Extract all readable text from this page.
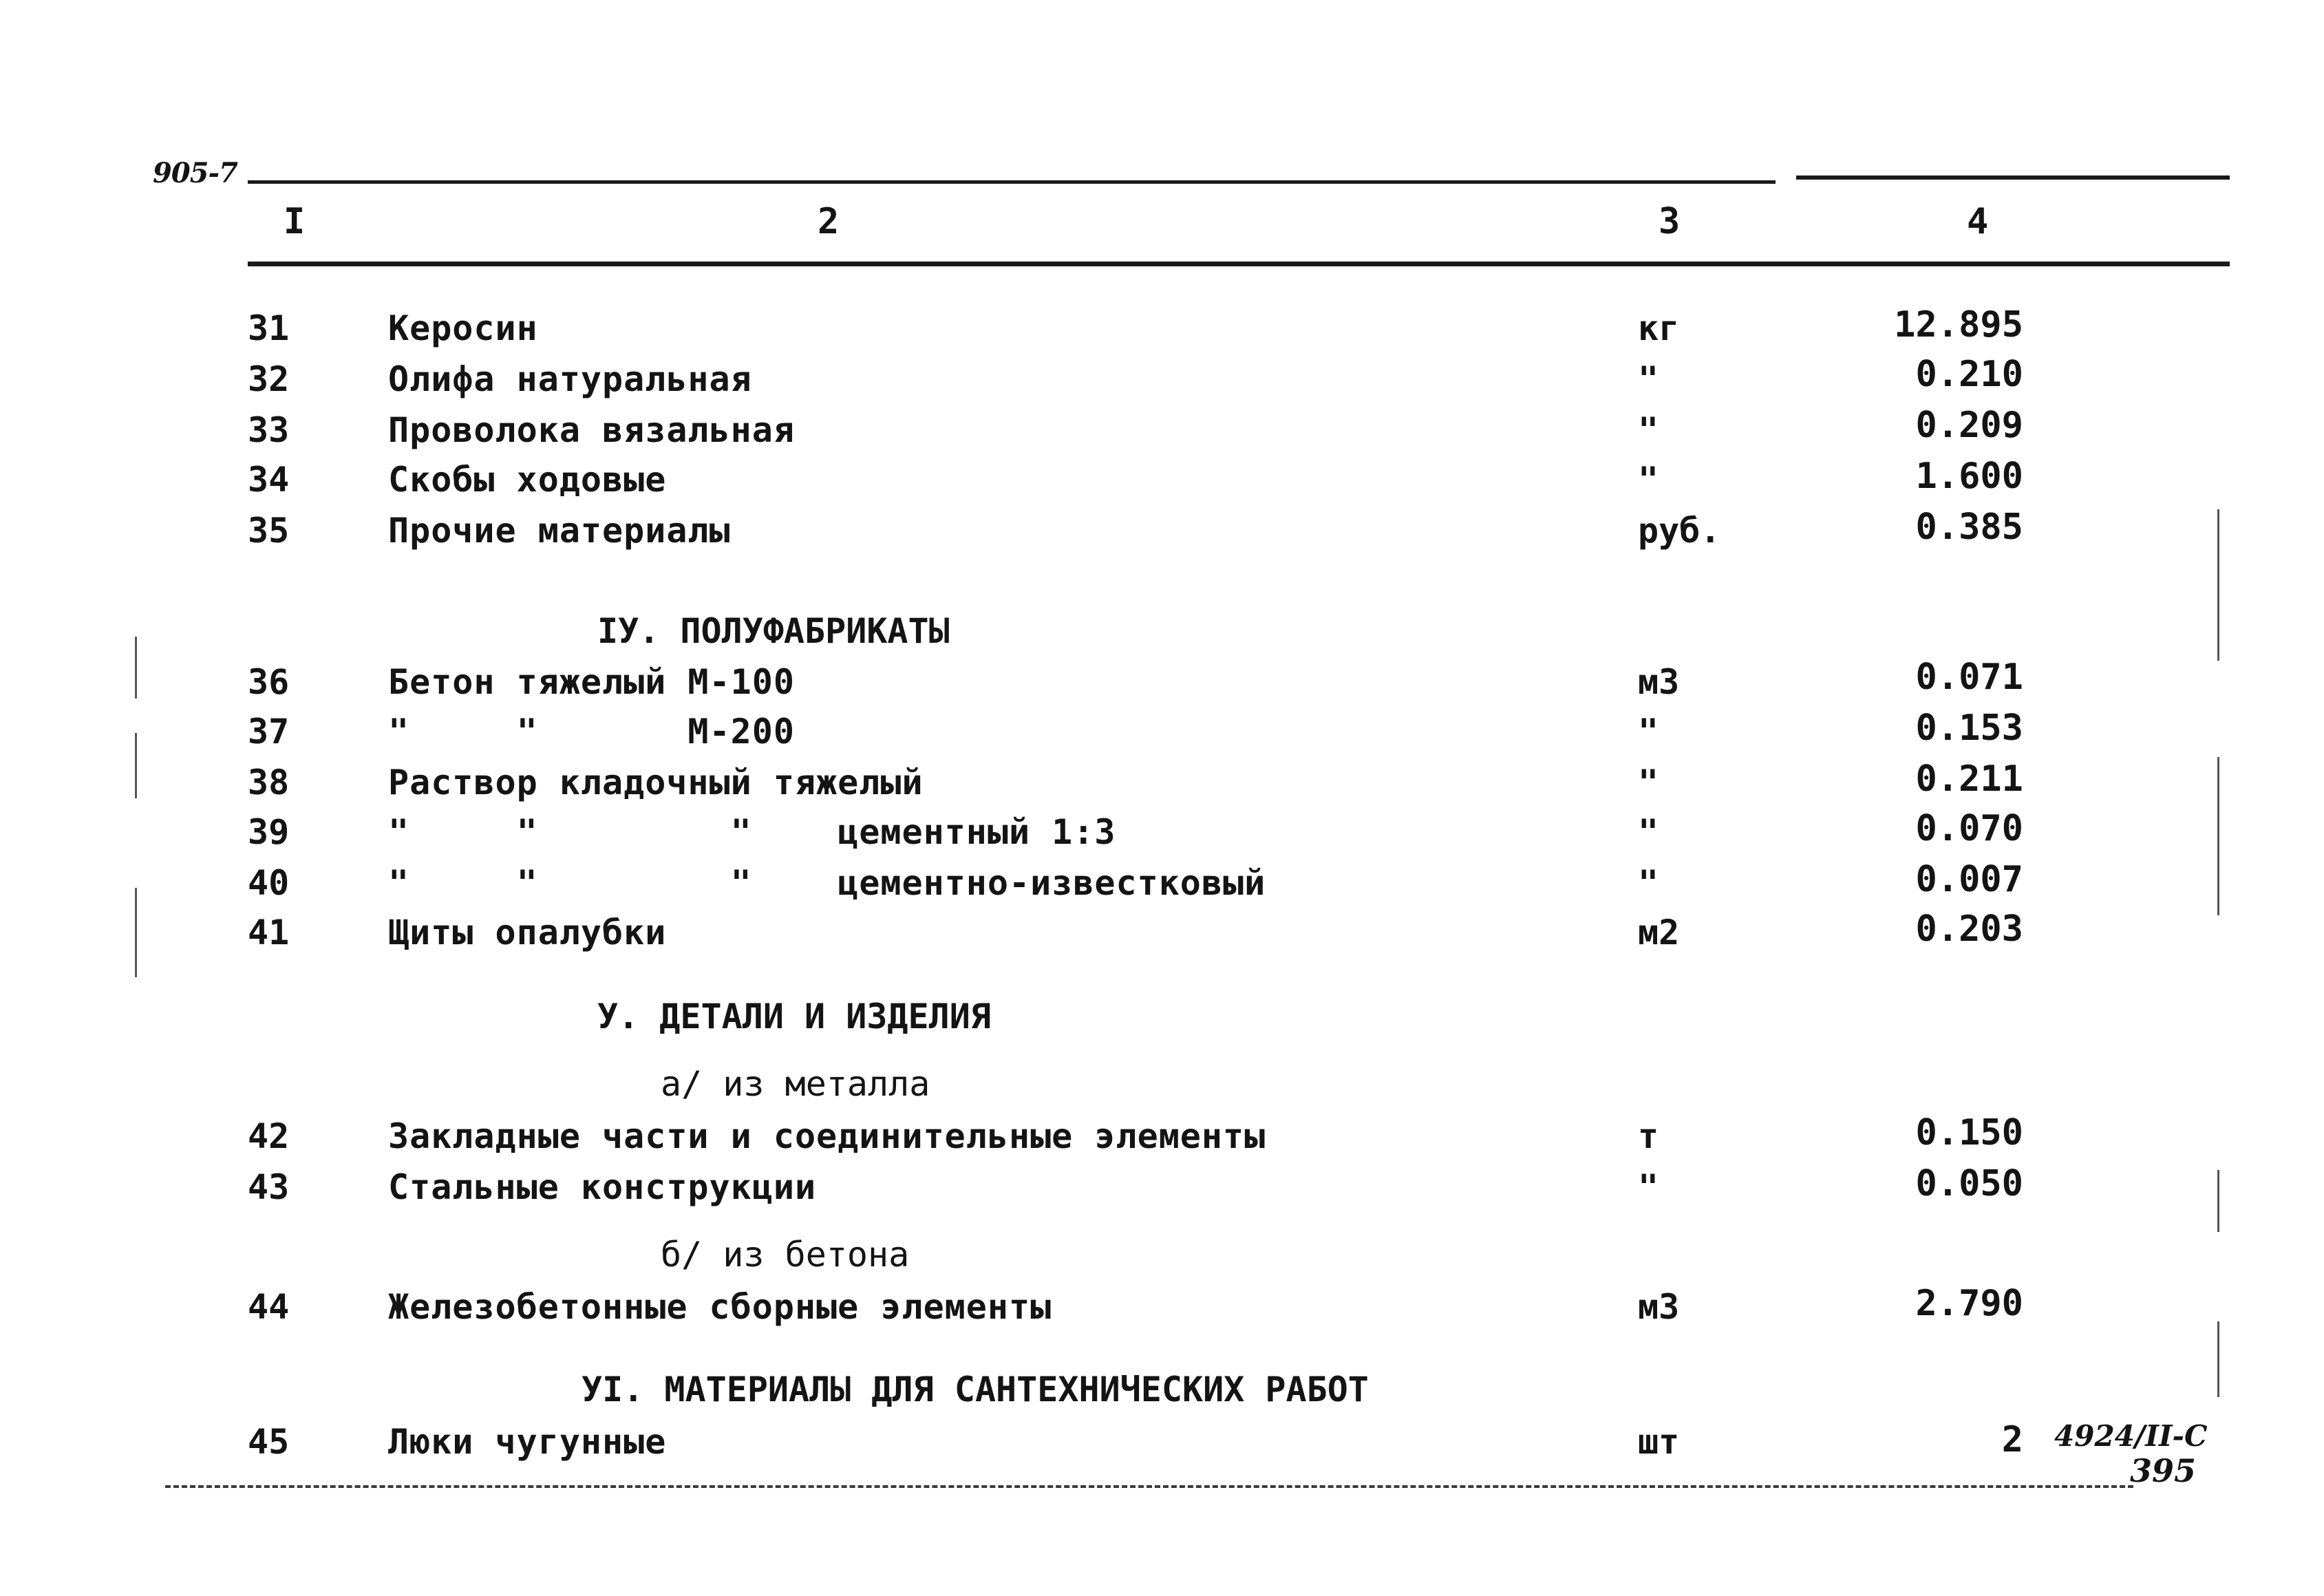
905-7
I	2	3	4
31	Керосин	кг	12.895
32	Олифа натуральная	"	0.210
33	Проволока вязальная	"	0.209
34	Скобы ходовые	"	1.600
35	Прочие материалы	руб.	0.385
IУ. ПОЛУФАБРИКАТЫ
36	Бетон тяжелый М-100	м3	0.071
37	"     "       М-200	"	0.153
38	Раствор кладочный тяжелый	"	0.211
39	"     "         "    цементный 1:3	"	0.070
40	"     "         "    цементно-известковый	"	0.007
41	Щиты опалубки	м2	0.203
У. ДЕТАЛИ И ИЗДЕЛИЯ
а/ из металла
42	Закладные части и соединительные элементы	т	0.150
43	Стальные конструкции	"	0.050
б/ из бетона
44	Железобетонные сборные элементы	м3	2.790
УI. МАТЕРИАЛЫ ДЛЯ САНТЕХНИЧЕСКИХ РАБОТ
45	Люки чугунные	шт	2 4924/II-C
395
